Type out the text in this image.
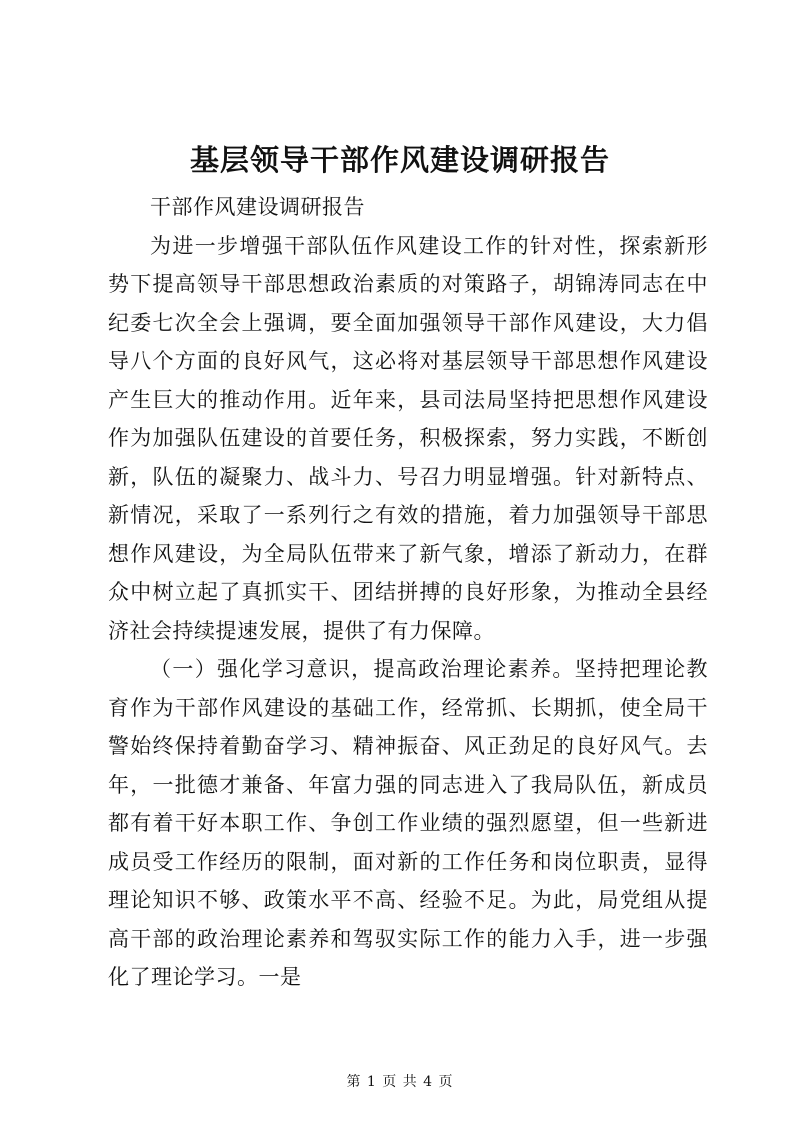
基层领导干部作风建设调研报告

干部作风建设调研报告

为进一步增强干部队伍作风建设工作的针对性，探索新形势下提高领导干部思想政治素质的对策路子，胡锦涛同志在中纪委七次全会上强调，要全面加强领导干部作风建设，大力倡导八个方面的良好风气，这必将对基层领导干部思想作风建设产生巨大的推动作用。近年来，县司法局坚持把思想作风建设作为加强队伍建设的首要任务，积极探索，努力实践，不断创新，队伍的凝聚力、战斗力、号召力明显增强。针对新特点、新情况，采取了一系列行之有效的措施，着力加强领导干部思想作风建设，为全局队伍带来了新气象，增添了新动力，在群众中树立起了真抓实干、团结拼搏的良好形象，为推动全县经济社会持续提速发展，提供了有力保障。

（一）强化学习意识，提高政治理论素养。坚持把理论教育作为干部作风建设的基础工作，经常抓、长期抓，使全局干警始终保持着勤奋学习、精神振奋、风正劲足的良好风气。去年，一批德才兼备、年富力强的同志进入了我局队伍，新成员都有着干好本职工作、争创工作业绩的强烈愿望，但一些新进成员受工作经历的限制，面对新的工作任务和岗位职责，显得理论知识不够、政策水平不高、经验不足。为此，局党组从提高干部的政治理论素养和驾驭实际工作的能力入手，进一步强化了理论学习。一是

第 1 页 共 4 页
